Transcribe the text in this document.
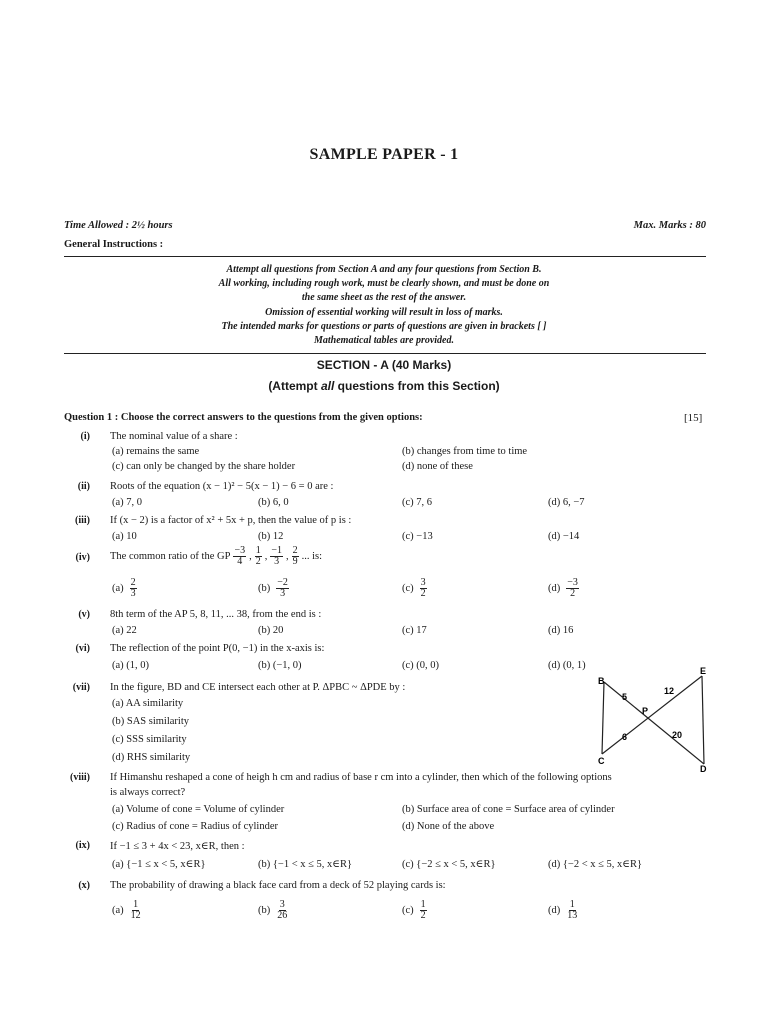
SAMPLE PAPER - 1
Time Allowed : 2½ hours	Max. Marks : 80
General Instructions :
Attempt all questions from Section A and any four questions from Section B.
All working, including rough work, must be clearly shown, and must be done on
the same sheet as the rest of the answer.
Omission of essential working will result in loss of marks.
The intended marks for questions or parts of questions are given in brackets [ ]
Mathematical tables are provided.
SECTION - A (40 Marks)
(Attempt all questions from this Section)
Question 1 : Choose the correct answers to the questions from the given options:	[15]
(i) The nominal value of a share :
(a) remains the same	(b) changes from time to time
(c) can only be changed by the share holder	(d) none of these
(ii) Roots of the equation (x − 1)² − 5(x − 1) − 6 = 0 are :
(a) 7, 0	(b) 6, 0	(c) 7, 6	(d) 6, −7
(iii) If (x − 2) is a factor of x² + 5x + p, then the value of p is :
(a) 10	(b) 12	(c) −13	(d) −14
(iv) The common ratio of the GP $\frac{-3}{4}$ , $\frac{1}{2}$ , $\frac{-1}{3}$ , $\frac{2}{9}$ ... is:
$(a) \frac{2}{3}$	$(b) \frac{-2}{3}$	$(c) \frac{3}{2}$	$(d) \frac{-3}{2}$
(v) 8th term of the AP 5, 8, 11, ... 38, from the end is :
(a) 22	(b) 20	(c) 17	(d) 16
(vi) The reflection of the point P(0, −1) in the x-axis is:
(a) (1, 0)	(b) (−1, 0)	(c) (0, 0)	(d) (0, 1)
(vii) In the figure, BD and CE intersect each other at P. ΔPBC ~ ΔPDE by :
(a) AA similarity
(b) SAS similarity
(c) SSS similarity
(d) RHS similarity
B
E
P
C
D
5
12
6	20
(viii) If Himanshu reshaped a cone of heigh h cm and radius of base r cm into a cylinder, then which of the following options
is always correct?
(a) Volume of cone = Volume of cylinder	(b) Surface area of cone = Surface area of cylinder
(c) Radius of cone = Radius of cylinder	(d) None of the above
(ix) If −1 ≤ 3 + 4x < 23, x∈R, then :
(a) {−1 ≤ x < 5, x∈R}	(b) {−1 < x ≤ 5, x∈R}	(c) {−2 ≤ x < 5, x∈R}	(d) {−2 < x ≤ 5, x∈R}
(x) The probability of drawing a black face card from a deck of 52 playing cards is:
$(a) \frac{1}{12}$	$(b) \frac{3}{26}$	$(c) \frac{1}{2}$	$(d) \frac{1}{13}$
